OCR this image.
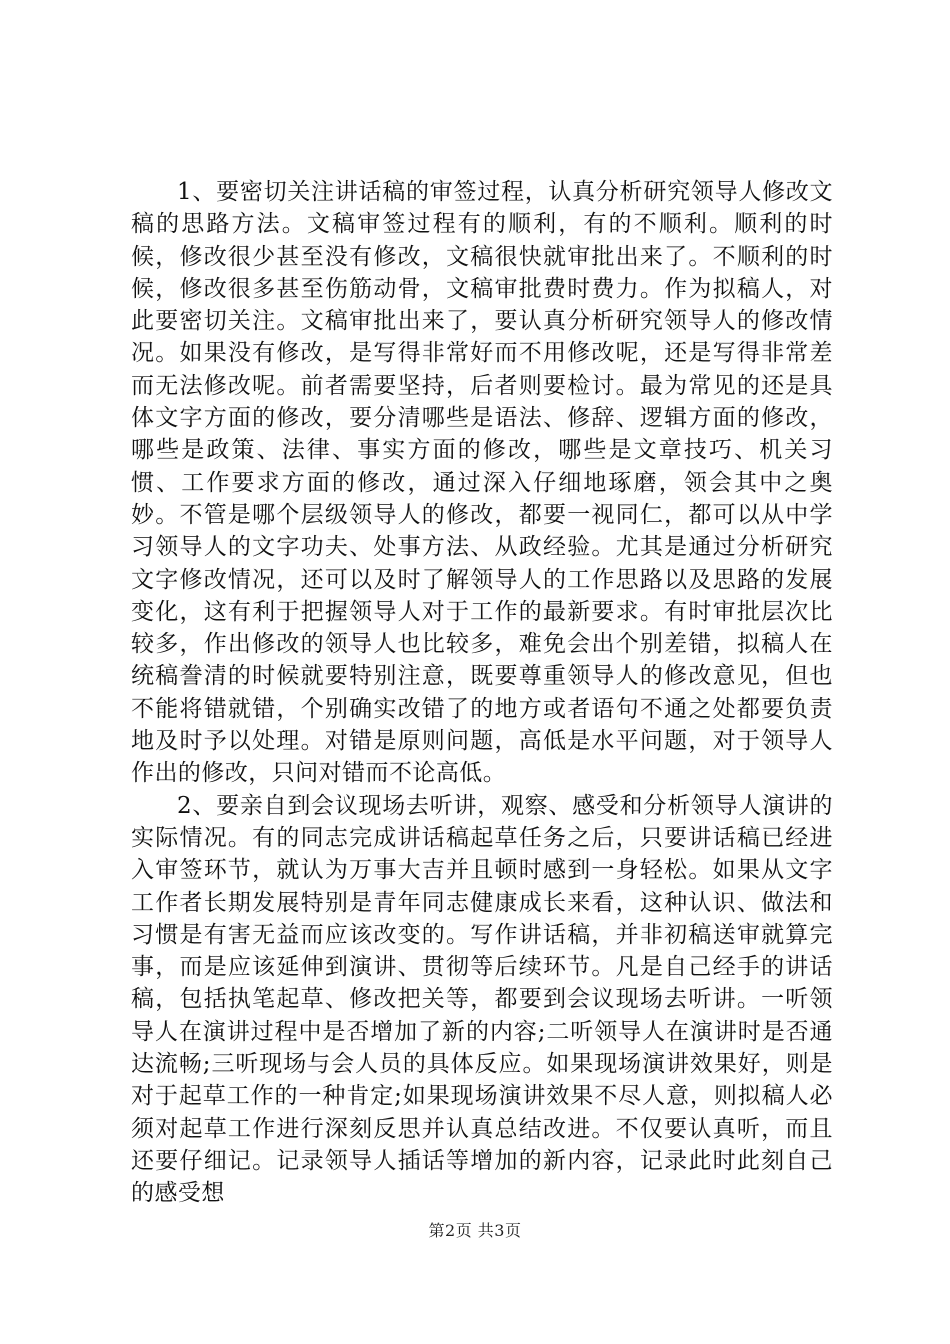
1、要密切关注讲话稿的审签过程，认真分析研究领导人修改文稿的思路方法。文稿审签过程有的顺利，有的不顺利。顺利的时候，修改很少甚至没有修改，文稿很快就审批出来了。不顺利的时候，修改很多甚至伤筋动骨，文稿审批费时费力。作为拟稿人，对此要密切关注。文稿审批出来了，要认真分析研究领导人的修改情况。如果没有修改，是写得非常好而不用修改呢，还是写得非常差而无法修改呢。前者需要坚持，后者则要检讨。最为常见的还是具体文字方面的修改，要分清哪些是语法、修辞、逻辑方面的修改，哪些是政策、法律、事实方面的修改，哪些是文章技巧、机关习惯、工作要求方面的修改，通过深入仔细地琢磨，领会其中之奥妙。不管是哪个层级领导人的修改，都要一视同仁，都可以从中学习领导人的文字功夫、处事方法、从政经验。尤其是通过分析研究文字修改情况，还可以及时了解领导人的工作思路以及思路的发展变化，这有利于把握领导人对于工作的最新要求。有时审批层次比较多，作出修改的领导人也比较多，难免会出个别差错，拟稿人在统稿誊清的时候就要特别注意，既要尊重领导人的修改意见，但也不能将错就错，个别确实改错了的地方或者语句不通之处都要负责地及时予以处理。对错是原则问题，高低是水平问题，对于领导人作出的修改，只问对错而不论高低。

2、要亲自到会议现场去听讲，观察、感受和分析领导人演讲的实际情况。有的同志完成讲话稿起草任务之后，只要讲话稿已经进入审签环节，就认为万事大吉并且顿时感到一身轻松。如果从文字工作者长期发展特别是青年同志健康成长来看，这种认识、做法和习惯是有害无益而应该改变的。写作讲话稿，并非初稿送审就算完事，而是应该延伸到演讲、贯彻等后续环节。凡是自己经手的讲话稿，包括执笔起草、修改把关等，都要到会议现场去听讲。一听领导人在演讲过程中是否增加了新的内容;二听领导人在演讲时是否通达流畅;三听现场与会人员的具体反应。如果现场演讲效果好，则是对于起草工作的一种肯定;如果现场演讲效果不尽人意，则拟稿人必须对起草工作进行深刻反思并认真总结改进。不仅要认真听，而且还要仔细记。记录领导人插话等增加的新内容，记录此时此刻自己的感受想

第2页 共3页
